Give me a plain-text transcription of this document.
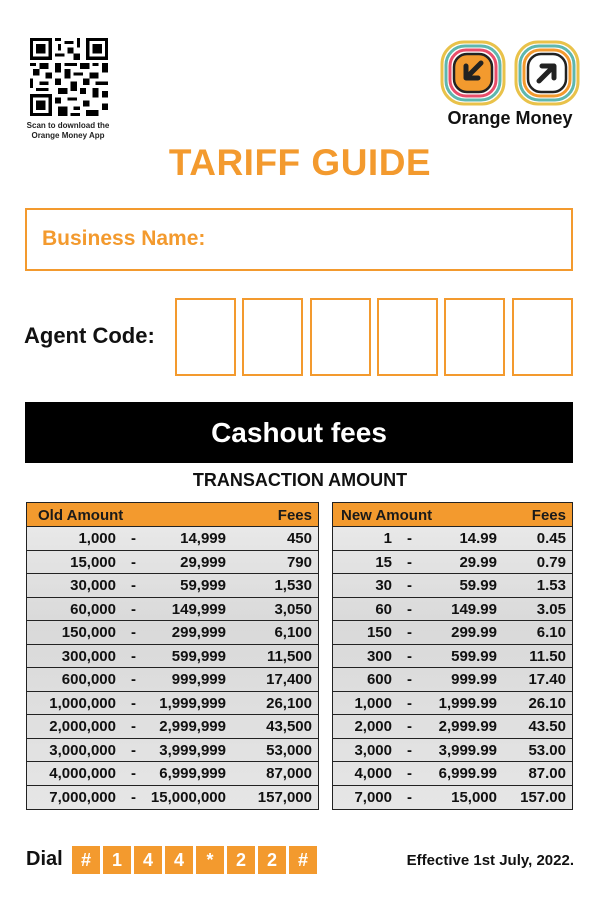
Scan to download the Orange Money App
Orange Money
TARIFF GUIDE
Business Name:
Agent Code:
Cashout fees
TRANSACTION AMOUNT
Old Amount	Fees
1,000 -	14,999	450
15,000 -	29,999	790
30,000 -	59,999	1,530
60,000 - 149,999	3,050
150,000 - 299,999	6,100
300,000 - 599,999	11,500
600,000 - 999,999	17,400
1,000,000 - 1,999,999	26,100
2,000,000 - 2,999,999	43,500
3,000,000 - 3,999,999	53,000
4,000,000 - 6,999,999	87,000
7,000,000 - 15,000,000 157,000
New Amount	Fees
1 -	14.99	0.45
15 -	29.99	0.79
30 -	59.99	1.53
60 -	149.99	3.05
150 -	299.99	6.10
300 -	599.99 11.50
600 -	999.99 17.40
1,000 - 1,999.99 26.10
2,000 - 2,999.99 43.50
3,000 - 3,999.99 53.00
4,000 - 6,999.99 87.00
7,000 -	15,000 157.00
Dial	#	1	4	4	*	2	2	#	Effective 1st July, 2022.
